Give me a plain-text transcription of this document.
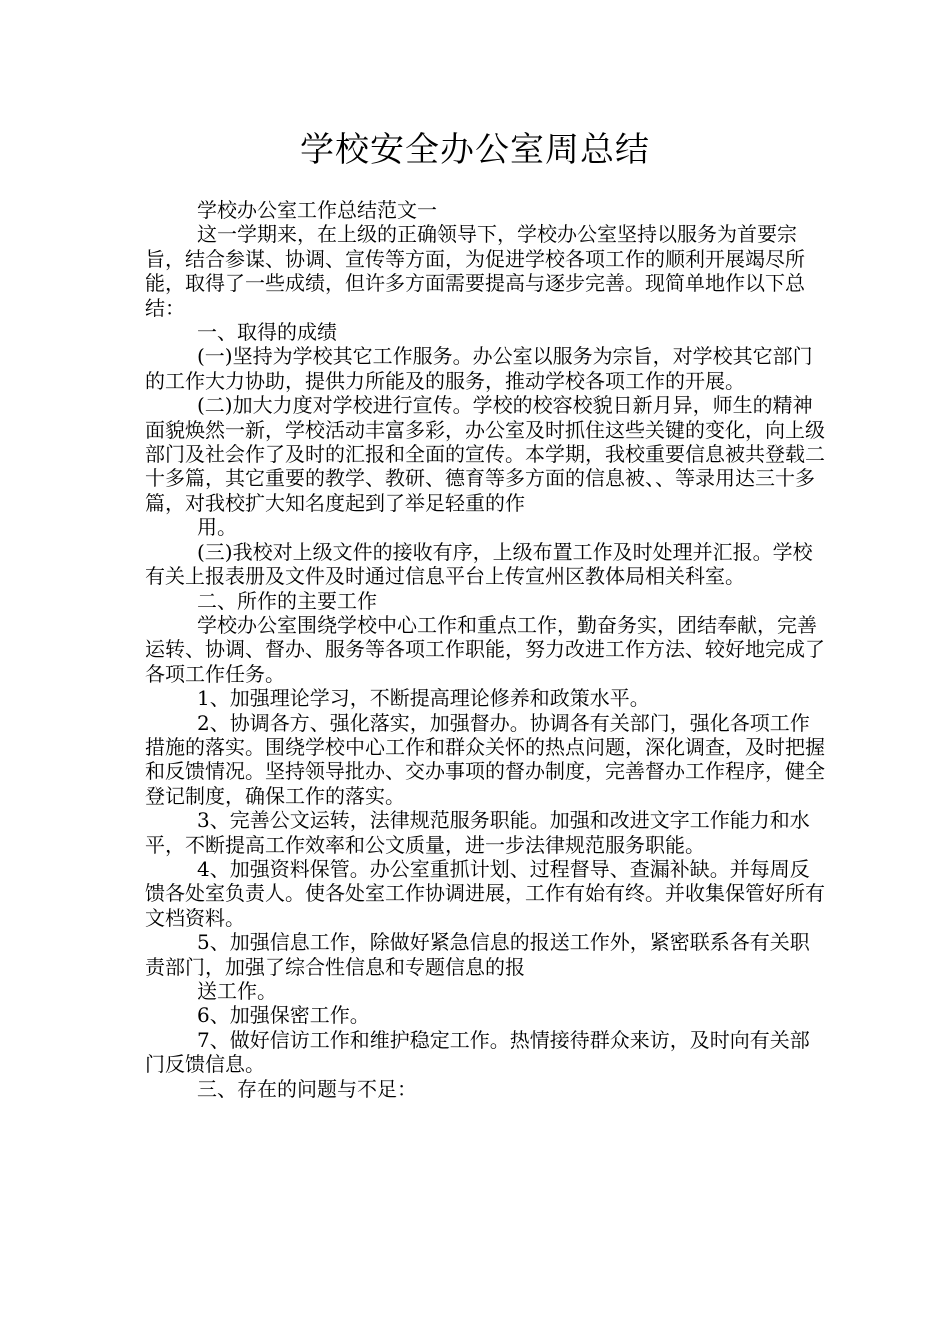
学校安全办公室周总结

学校办公室工作总结范文一

这一学期来，在上级的正确领导下，学校办公室坚持以服务为首要宗旨，结合参谋、协调、宣传等方面，为促进学校各项工作的顺利开展竭尽所能，取得了一些成绩，但许多方面需要提高与逐步完善。现简单地作以下总结：

一、取得的成绩

(一)坚持为学校其它工作服务。办公室以服务为宗旨，对学校其它部门的工作大力协助，提供力所能及的服务，推动学校各项工作的开展。

(二)加大力度对学校进行宣传。学校的校容校貌日新月异，师生的精神面貌焕然一新，学校活动丰富多彩，办公室及时抓住这些关键的变化，向上级部门及社会作了及时的汇报和全面的宣传。本学期，我校重要信息被共登载二十多篇，其它重要的教学、教研、德育等多方面的信息被、、等录用达三十多篇，对我校扩大知名度起到了举足轻重的作

用。

(三)我校对上级文件的接收有序，上级布置工作及时处理并汇报。学校有关上报表册及文件及时通过信息平台上传宣州区教体局相关科室。

二、所作的主要工作

学校办公室围绕学校中心工作和重点工作，勤奋务实，团结奉献，完善运转、协调、督办、服务等各项工作职能，努力改进工作方法、较好地完成了各项工作任务。

1、加强理论学习，不断提高理论修养和政策水平。

2、协调各方、强化落实，加强督办。协调各有关部门，强化各项工作措施的落实。围绕学校中心工作和群众关怀的热点问题，深化调查，及时把握和反馈情况。坚持领导批办、交办事项的督办制度，完善督办工作程序，健全登记制度，确保工作的落实。

3、完善公文运转，法律规范服务职能。加强和改进文字工作能力和水平，不断提高工作效率和公文质量，进一步法律规范服务职能。

4、加强资料保管。办公室重抓计划、过程督导、查漏补缺。并每周反馈各处室负责人。使各处室工作协调进展，工作有始有终。并收集保管好所有文档资料。

5、加强信息工作，除做好紧急信息的报送工作外，紧密联系各有关职责部门，加强了综合性信息和专题信息的报

送工作。

6、加强保密工作。

7、做好信访工作和维护稳定工作。热情接待群众来访，及时向有关部门反馈信息。

三、存在的问题与不足：
